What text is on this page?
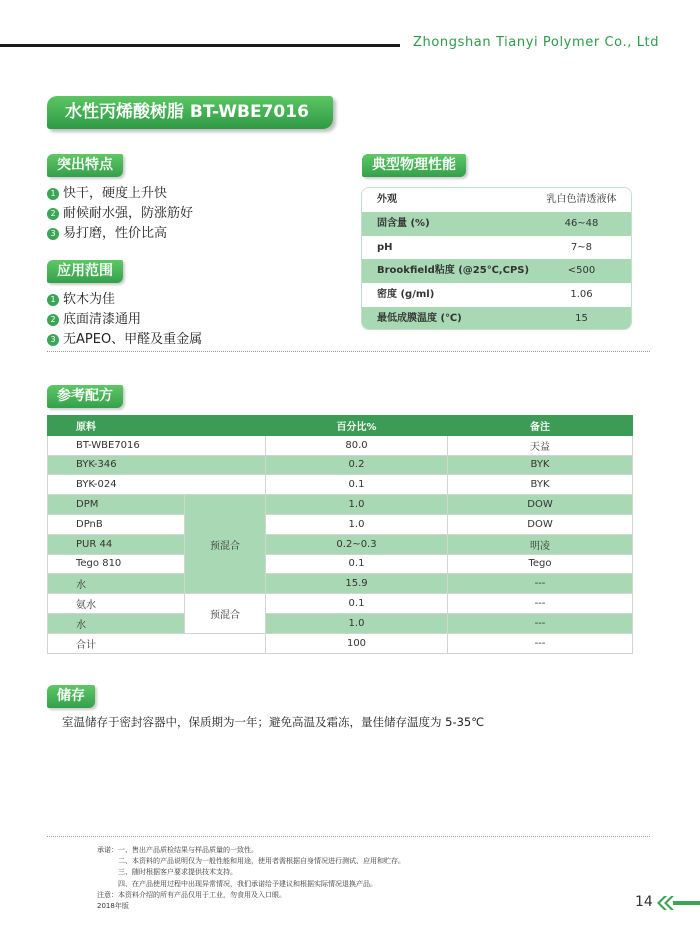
Zhongshan Tianyi Polymer Co., Ltd
水性丙烯酸树脂 BT-WBE7016
突出特点
1 快干，硬度上升快
2 耐候耐水强，防涨筋好
3 易打磨，性价比高
应用范围
1 软木为佳
2 底面清漆通用
3 无APEO、甲醛及重金属
典型物理性能
外观	乳白色清透液体
固含量 (%)	46~48
pH	7~8
Brookfield粘度 (@25℃,CPS)	<500
密度 (g/ml)	1.06
最低成膜温度 (℃)	15
参考配方
原料		百分比%	备注
BT-WBE7016		80.0	天益
BYK-346		0.2	BYK
BYK-024		0.1	BYK
DPM	预混合	1.0	DOW
DPnB		1.0	DOW
PUR 44		0.2~0.3	明凌
Tego 810		0.1	Tego
水		15.9	---
氨水	预混合	0.1	---
水		1.0	---
合计		100	---
储存
室温储存于密封容器中，保质期为一年；避免高温及霜冻，量佳储存温度为 5-35℃
承诺：一、售出产品质检结果与样品质量的一致性。
　　　二、本资料的产品说明仅为一般性能和用途，使用者需根据自身情况进行测试、应用和贮存。
　　　三、随时根据客户要求提供技术支持。
　　　四、在产品使用过程中出现异常情况，我们承诺给予建议和根据实际情况退换产品。
注意：本资料介绍的所有产品仅用于工业，勿食用及入口眼。
2018年版	14
